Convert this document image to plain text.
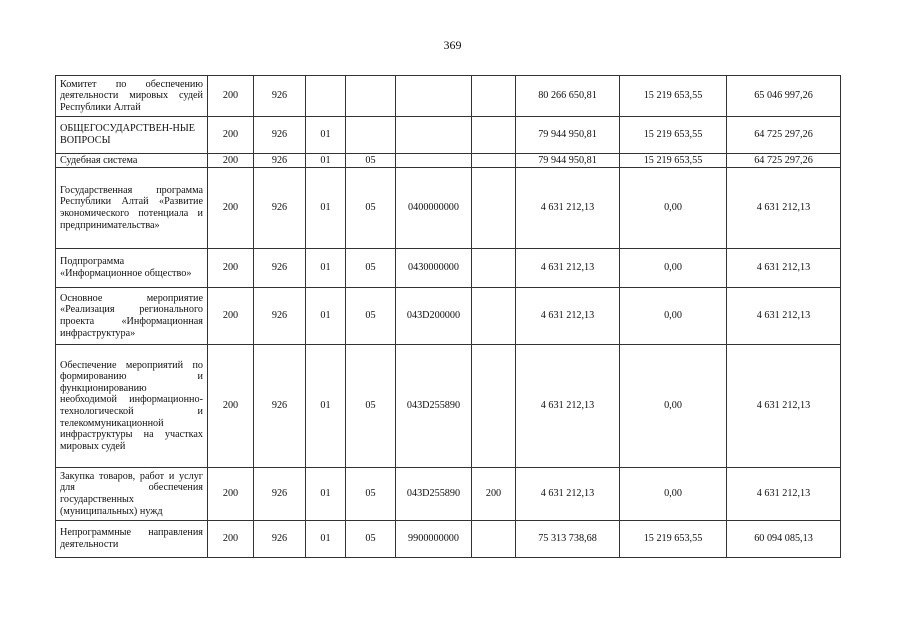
369
Комитет по обеспечению деятельности мировых судей Республики Алтай	200	926					80 266 650,81	15 219 653,55	65 046 997,26
ОБЩЕГОСУДАРСТВЕН-НЫЕ ВОПРОСЫ	200	926	01				79 944 950,81	15 219 653,55	64 725 297,26
Судебная система	200	926	01	05			79 944 950,81	15 219 653,55	64 725 297,26
Государственная программа Республики Алтай «Развитие экономического потенциала и предпринимательства»	200	926	01	05	0400000000		4 631 212,13	0,00	4 631 212,13
Подпрограмма «Информационное общество»	200	926	01	05	0430000000		4 631 212,13	0,00	4 631 212,13
Основное мероприятие «Реализация регионального проекта «Информационная инфраструктура»	200	926	01	05	043D200000		4 631 212,13	0,00	4 631 212,13
Обеспечение мероприятий по формированию и функционированию необходимой информационно-технологической и телекоммуникационной инфраструктуры на участках мировых судей	200	926	01	05	043D255890		4 631 212,13	0,00	4 631 212,13
Закупка товаров, работ и услуг для обеспечения государственных (муниципальных) нужд	200	926	01	05	043D255890	200	4 631 212,13	0,00	4 631 212,13
Непрограммные направления деятельности	200	926	01	05	9900000000		75 313 738,68	15 219 653,55	60 094 085,13
